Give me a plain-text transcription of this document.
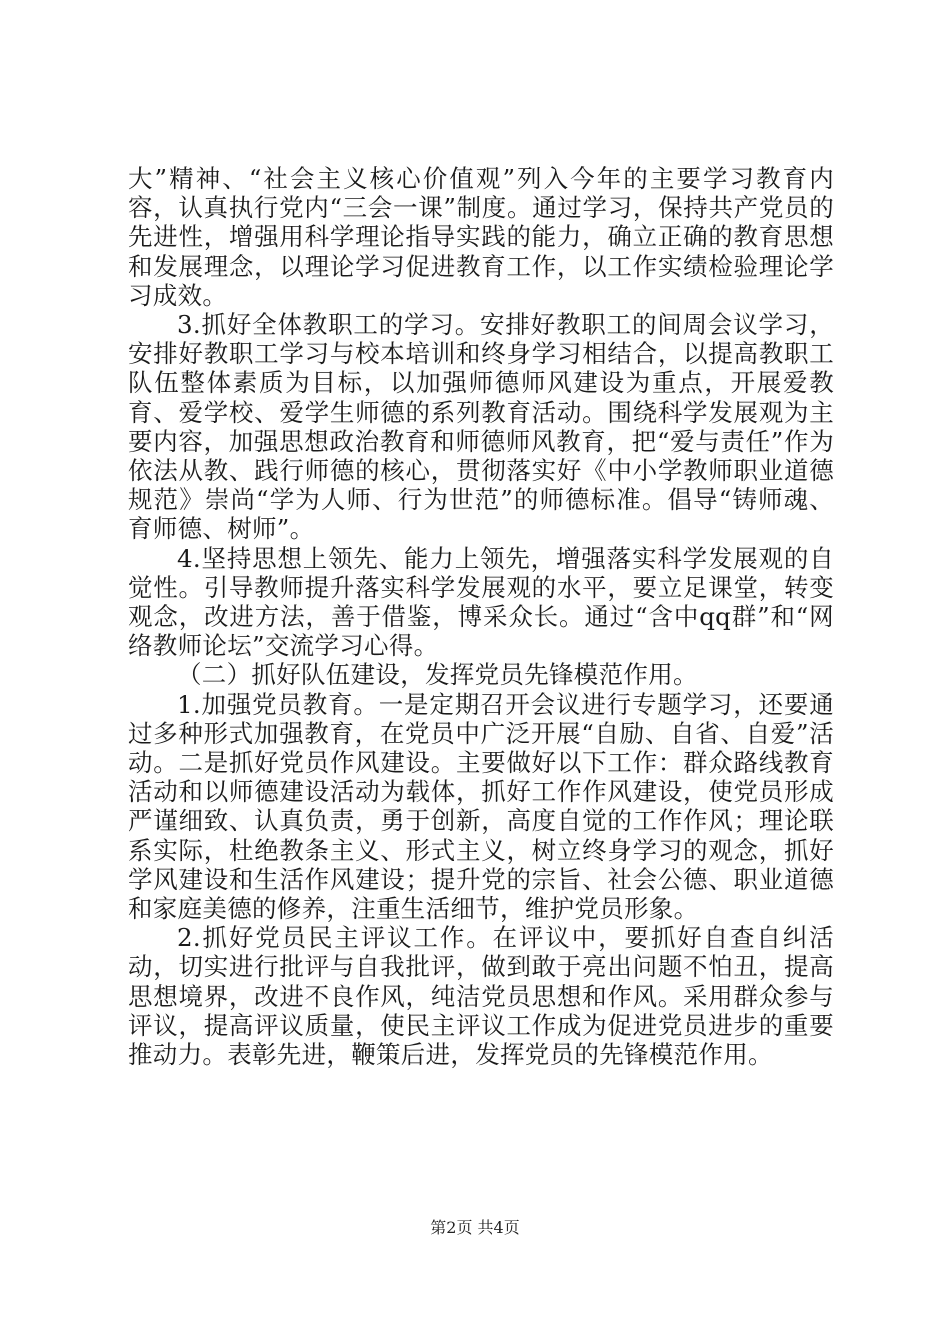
大”精神、“社会主义核心价值观”列入今年的主要学习教育内容，认真执行党内“三会一课”制度。通过学习，保持共产党员的先进性，增强用科学理论指导实践的能力，确立正确的教育思想和发展理念，以理论学习促进教育工作，以工作实绩检验理论学习成效。

3.抓好全体教职工的学习。安排好教职工的间周会议学习，安排好教职工学习与校本培训和终身学习相结合，以提高教职工队伍整体素质为目标，以加强师德师风建设为重点，开展爱教育、爱学校、爱学生师德的系列教育活动。围绕科学发展观为主要内容，加强思想政治教育和师德师风教育，把“爱与责任”作为依法从教、践行师德的核心，贯彻落实好《中小学教师职业道德规范》崇尚“学为人师、行为世范”的师德标准。倡导“铸师魂、育师德、树师”。

4.坚持思想上领先、能力上领先，增强落实科学发展观的自觉性。引导教师提升落实科学发展观的水平，要立足课堂，转变观念，改进方法，善于借鉴，博采众长。通过“含中qq群”和“网络教师论坛”交流学习心得。

（二）抓好队伍建设，发挥党员先锋模范作用。

1.加强党员教育。一是定期召开会议进行专题学习，还要通过多种形式加强教育，在党员中广泛开展“自励、自省、自爱”活动。二是抓好党员作风建设。主要做好以下工作：群众路线教育活动和以师德建设活动为载体，抓好工作作风建设，使党员形成严谨细致、认真负责，勇于创新，高度自觉的工作作风；理论联系实际，杜绝教条主义、形式主义，树立终身学习的观念，抓好学风建设和生活作风建设；提升党的宗旨、社会公德、职业道德和家庭美德的修养，注重生活细节，维护党员形象。

2.抓好党员民主评议工作。在评议中，要抓好自查自纠活动，切实进行批评与自我批评，做到敢于亮出问题不怕丑，提高思想境界，改进不良作风，纯洁党员思想和作风。采用群众参与评议，提高评议质量，使民主评议工作成为促进党员进步的重要推动力。表彰先进，鞭策后进，发挥党员的先锋模范作用。

第2页 共4页
